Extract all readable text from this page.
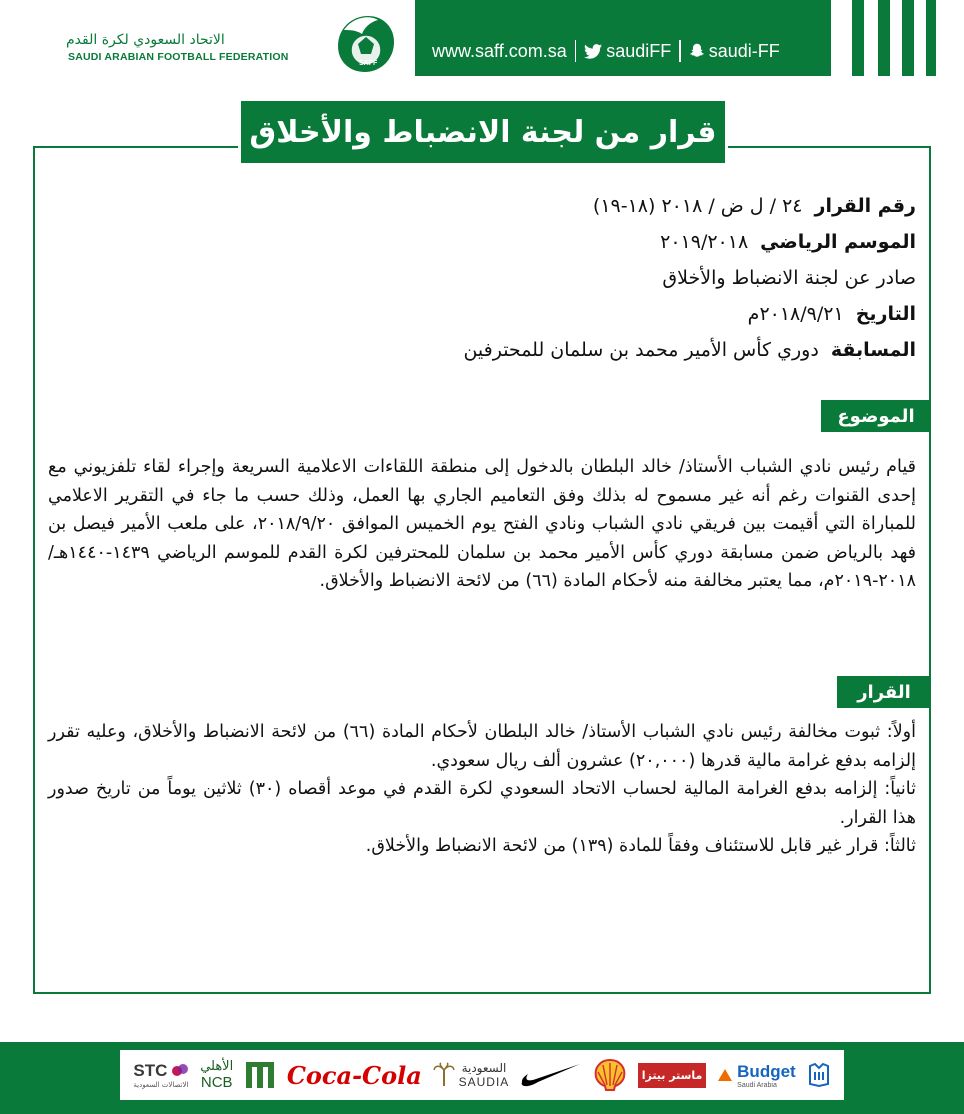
الاتحاد السعودي لكرة القدم
SAUDI ARABIAN FOOTBALL FEDERATION
SAFF
www.saff.com.sa saudiFF saudi-FF
قرار من لجنة الانضباط والأخلاق
رقم القرار
٢٤ / ل ض / ٢٠١٨ (١٨-١٩)
الموسم الرياضي
٢٠١٩/٢٠١٨
صادر عن لجنة الانضباط والأخلاق
التاريخ
٢٠١٨/٩/٢١م
المسابقة
دوري كأس الأمير محمد بن سلمان للمحترفين
الموضوع
قيام رئيس نادي الشباب الأستاذ/ خالد البلطان بالدخول إلى منطقة اللقاءات الاعلامية السريعة وإجراء لقاء تلفزيوني مع إحدى القنوات رغم أنه غير مسموح له بذلك وفق التعاميم الجاري بها العمل، وذلك حسب ما جاء في التقرير الاعلامي للمباراة التي أقيمت بين فريقي نادي الشباب ونادي الفتح يوم الخميس الموافق ٢٠١٨/٩/٢٠، على ملعب الأمير فيصل بن فهد بالرياض ضمن مسابقة دوري كأس الأمير محمد بن سلمان للمحترفين لكرة القدم للموسم الرياضي ١٤٣٩-١٤٤٠هـ/ ٢٠١٨-٢٠١٩م، مما يعتبر مخالفة منه لأحكام المادة (٦٦) من لائحة الانضباط والأخلاق.
القرار
أولاً: ثبوت مخالفة رئيس نادي الشباب الأستاذ/ خالد البلطان لأحكام المادة (٦٦) من لائحة الانضباط والأخلاق، وعليه تقرر إلزامه بدفع غرامة مالية قدرها (٢٠,٠٠٠) عشرون ألف ريال سعودي.
ثانياً: إلزامه بدفع الغرامة المالية لحساب الاتحاد السعودي لكرة القدم في موعد أقصاه (٣٠) ثلاثين يوماً من تاريخ صدور هذا القرار.
ثالثاً: قرار غير قابل للاستئناف وفقاً للمادة (١٣٩) من لائحة الانضباط والأخلاق.
STC
الاتصالات السعودية
الأهلي
NCB Coca-Cola	السعودية
SAUDIA	ماستر بيتزا Budget
Saudi Arabia
